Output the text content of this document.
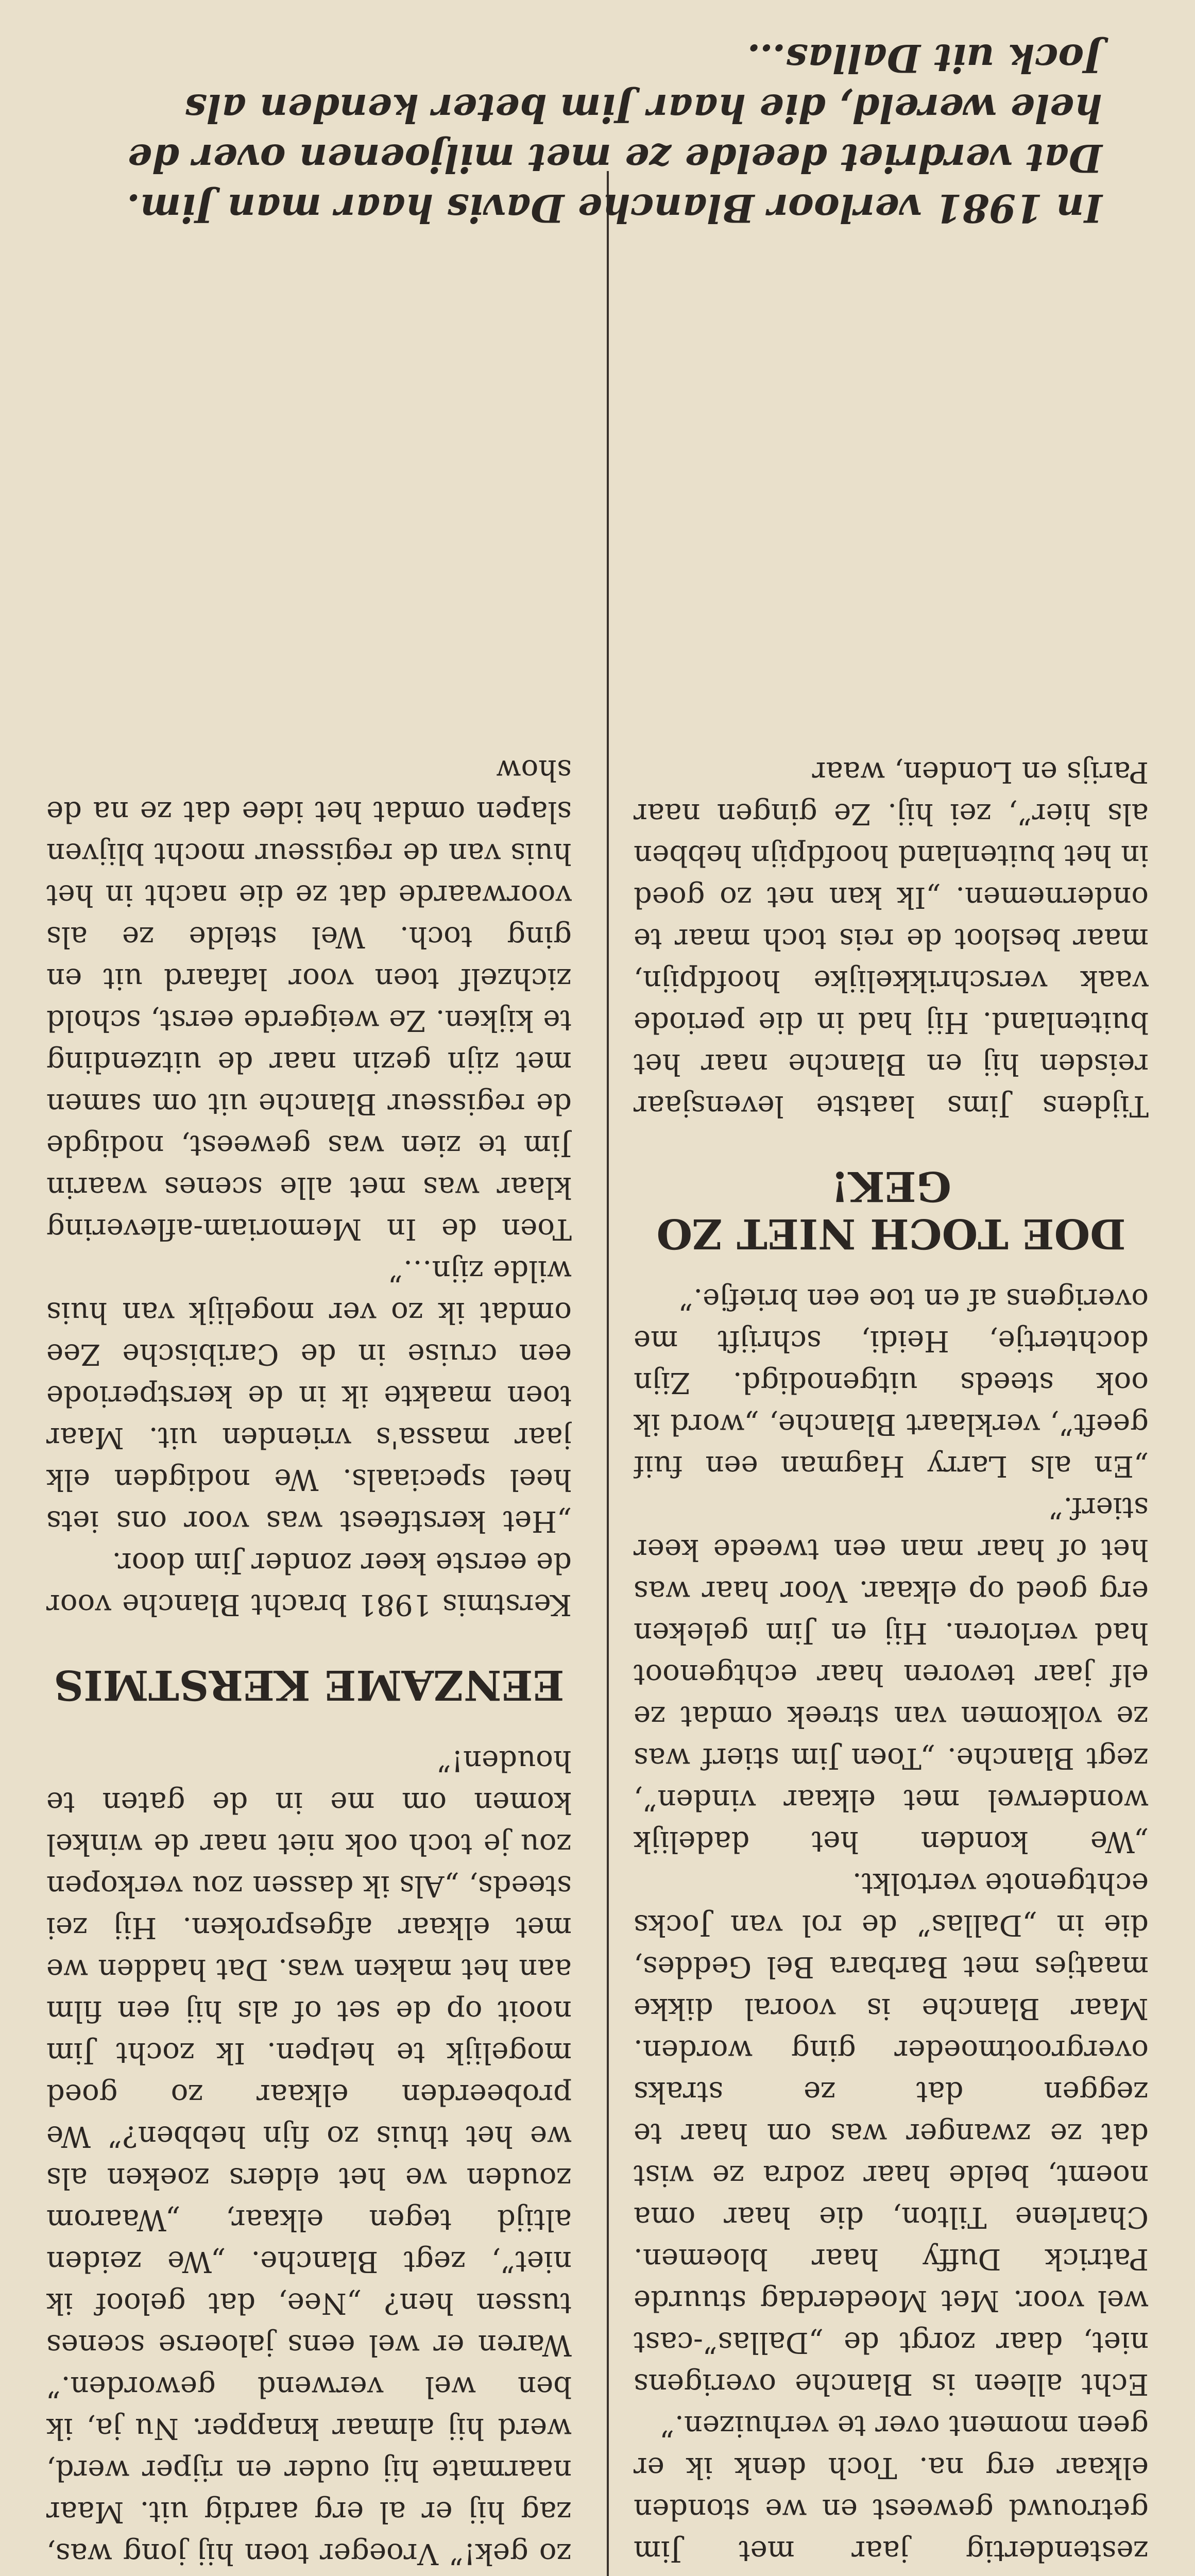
zestendertig jaar met Jim getrouwd geweest en we stonden elkaar erg na. Toch denk ik er geen moment over te verhuizen.”

Echt alleen is Blanche overigens niet, daar zorgt de „Dallas”-cast wel voor. Met Moederdag stuurde Patrick Duffy haar bloemen. Charlene Tilton, die haar oma noemt, belde haar zodra ze wist dat ze zwanger was om haar te zeggen dat ze straks overgrootmoeder ging worden. Maar Blanche is vooral dikke maatjes met Barbara Bel Geddes, die in „Dallas” de rol van Jocks echtgenote vertolkt.

„We konden het dadelijk wonderwel met elkaar vinden”, zegt Blanche. „Toen Jim stierf was ze volkomen van streek omdat ze elf jaar tevoren haar echtgenoot had verloren. Hij en Jim geleken erg goed op elkaar. Voor haar was het of haar man een tweede keer stierf.”

„En als Larry Hagman een fuif geeft”, verklaart Blanche, „word ik ook steeds uitgenodigd. Zijn dochtertje, Heidi, schrijft me overigens af en toe een briefje.”

DOE TOCH NIET ZO GEK!

Tijdens Jims laatste levensjaar reisden hij en Blanche naar het buitenland. Hij had in die periode vaak verschrikkelijke hoofdpijn, maar besloot de reis toch maar te ondernemen. „Ik kan net zo goed in het buitenland hoofdpijn hebben als hier”, zei hij. Ze gingen naar Parijs en Londen, waar

zo gek!” Vroeger toen hij jong was, zag hij er al erg aardig uit. Maar naarmate hij ouder en rijper werd, werd hij almaar knapper. Nu ja, ik ben wel verwend geworden.” Waren er wel eens jaloerse scenes tussen hen? „Nee, dat geloof ik niet”, zegt Blanche. „We zeiden altijd tegen elkaar, „Waarom zouden we het elders zoeken als we het thuis zo fijn hebben?” We probeerden elkaar zo goed mogelijk te helpen. Ik zocht Jim nooit op de set of als hij een film aan het maken was. Dat hadden we met elkaar afgesproken. Hij zei steeds, „Als ik dassen zou verkopen zou je toch ook niet naar de winkel komen om me in de gaten te houden!”

EENZAME KERSTMIS

Kerstmis 1981 bracht Blanche voor de eerste keer zonder Jim door.

„Het kerstfeest was voor ons iets heel speciaals. We nodigden elk jaar massa's vrienden uit. Maar toen maakte ik in de kerstperiode een cruise in de Caribische Zee omdat ik zo ver mogelijk van huis wilde zijn…”

Toen de In Memoriam-aflevering klaar was met alle scenes waarin Jim te zien was geweest, nodigde de regisseur Blanche uit om samen met zijn gezin naar de uitzending te kijken. Ze weigerde eerst, schold zichzelf toen voor lafaard uit en ging toch. Wel stelde ze als voorwaarde dat ze die nacht in het huis van de regisseur mocht blijven slapen omdat het idee dat ze na de show

In 1981 verloor Blanche Davis haar man Jim. Dat verdriet deelde ze met miljoenen over de hele wereld, die haar Jim beter kenden als Jock uit Dallas…
